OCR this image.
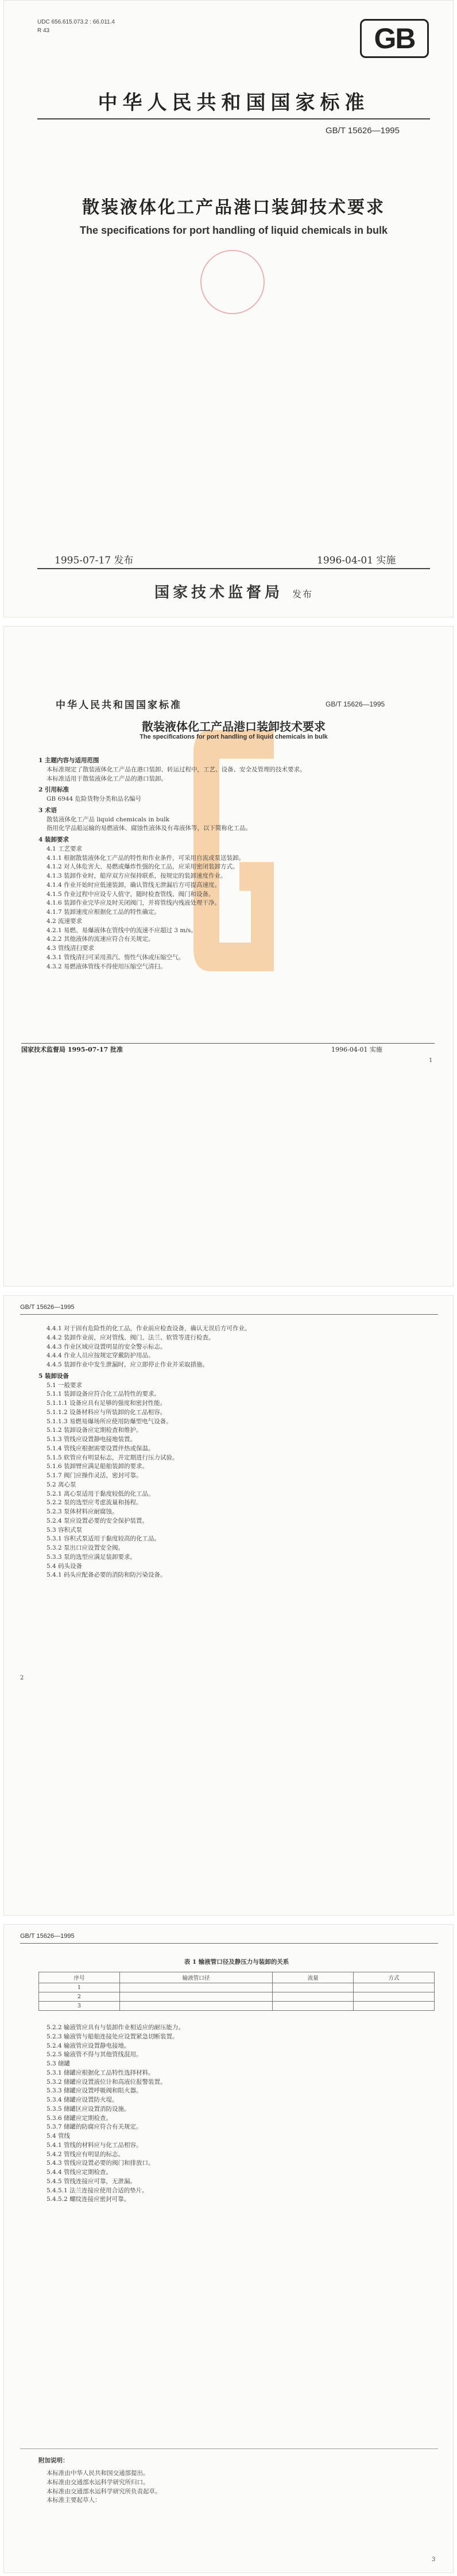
UDC 656.615.073.2 : 66.011.4
R 43	GB
中华人民共和国国家标准
GB/T 15626—1995
散装液体化工产品港口装卸技术要求
The specifications for port handling of liquid chemicals in bulk
1995-07-17 发布	1996-04-01 实施
国家技术监督局 发布
中华人民共和国国家标准	GB/T 15626—1995
散装液体化工产品港口装卸技术要求
The specifications for port handling of liquid chemicals in bulk
1 主题内容与适用范围
本标准规定了散装液体化工产品在港口装卸、转运过程中，工艺、设备、安全及管理的技术要求。
本标准适用于散装液体化工产品的港口装卸。
2 引用标准
GB 6944 危险货物分类和品名编号
3 术语
散装液体化工产品 liquid chemicals in bulk
指用化学品船运输的易燃液体、腐蚀性液体及有毒液体等，以下简称化工品。
4 装卸要求
4.1 工艺要求
4.1.1 根据散装液体化工产品的特性和作业条件，可采用自流或泵送装卸。
4.1.2 对人体危害大、易燃或爆炸性强的化工品，应采用密闭装卸方式。
4.1.3 装卸作业时，船岸双方应保持联系，按规定的装卸速度作业。
4.1.4 作业开始时应低速装卸，确认管线无泄漏后方可提高速度。
4.1.5 作业过程中应设专人值守，随时检查管线、阀门和设备。
4.1.6 装卸作业完毕应及时关闭阀门，并将管线内残液处理干净。
4.1.7 装卸速度应根据化工品的特性确定。
4.2 流速要求
4.2.1 易燃、易爆液体在管线中的流速不应超过 3 m/s。
4.2.2 其他液体的流速应符合有关规定。
4.3 管线清扫要求
4.3.1 管线清扫可采用蒸汽、惰性气体或压缩空气。
4.3.2 易燃液体管线不得使用压缩空气清扫。
国家技术监督局 1995-07-17 批准	1996-04-01 实施
1
GB/T 15626—1995
4.4.1 对于固有危险性的化工品，作业前应检查设备，确认无误后方可作业。
4.4.2 装卸作业前，应对管线、阀门、法兰、软管等进行检查。
4.4.3 作业区域应设置明显的安全警示标志。
4.4.4 作业人员应按规定穿戴防护用品。
4.4.5 装卸作业中发生泄漏时，应立即停止作业并采取措施。
5 装卸设备
5.1 一般要求
5.1.1 装卸设备应符合化工品特性的要求。
5.1.1.1 设备应具有足够的强度和密封性能。
5.1.1.2 设备材料应与所装卸的化工品相容。
5.1.1.3 易燃易爆场所应使用防爆型电气设备。
5.1.2 装卸设备应定期检查和维护。
5.1.3 管线应设置静电接地装置。
5.1.4 管线应根据需要设置伴热或保温。
5.1.5 软管应有明显标志，并定期进行压力试验。
5.1.6 装卸臂应满足船舶装卸的要求。
5.1.7 阀门应操作灵活，密封可靠。
5.2 离心泵
5.2.1 离心泵适用于黏度较低的化工品。
5.2.2 泵的选型应考虑流量和扬程。
5.2.3 泵体材料应耐腐蚀。
5.2.4 泵应设置必要的安全保护装置。
5.3 容积式泵
5.3.1 容积式泵适用于黏度较高的化工品。
5.3.2 泵出口应设置安全阀。
5.3.3 泵的选型应满足装卸要求。
5.4 码头设备
5.4.1 码头应配备必要的消防和防污染设备。
2
GB/T 15626—1995
表 1 输液管口径及静压力与装卸的关系
序号	输液管口径	流量	方式
1			
2			
3			
5.2.2 输液管应具有与装卸作业相适应的耐压能力。
5.2.3 输液管与船舶连接处应设置紧急切断装置。
5.2.4 输液管应设置静电接地。
5.2.5 输液管不得与其他管线混用。
5.3 储罐
5.3.1 储罐应根据化工品特性选择材料。
5.3.2 储罐应设置液位计和高液位报警装置。
5.3.3 储罐应设置呼吸阀和阻火器。
5.3.4 储罐应设置防火堤。
5.3.5 储罐区应设置消防设施。
5.3.6 储罐应定期检查。
5.3.7 储罐的防腐应符合有关规定。
5.4 管线
5.4.1 管线的材料应与化工品相容。
5.4.2 管线应有明显的标志。
5.4.3 管线应设置必要的阀门和排放口。
5.4.4 管线应定期检查。
5.4.5 管线连接应可靠，无泄漏。
5.4.5.1 法兰连接应使用合适的垫片。
5.4.5.2 螺纹连接应密封可靠。
附加说明：
本标准由中华人民共和国交通部提出。
本标准由交通部水运科学研究所归口。
本标准由交通部水运科学研究所负责起草。
本标准主要起草人：
3
